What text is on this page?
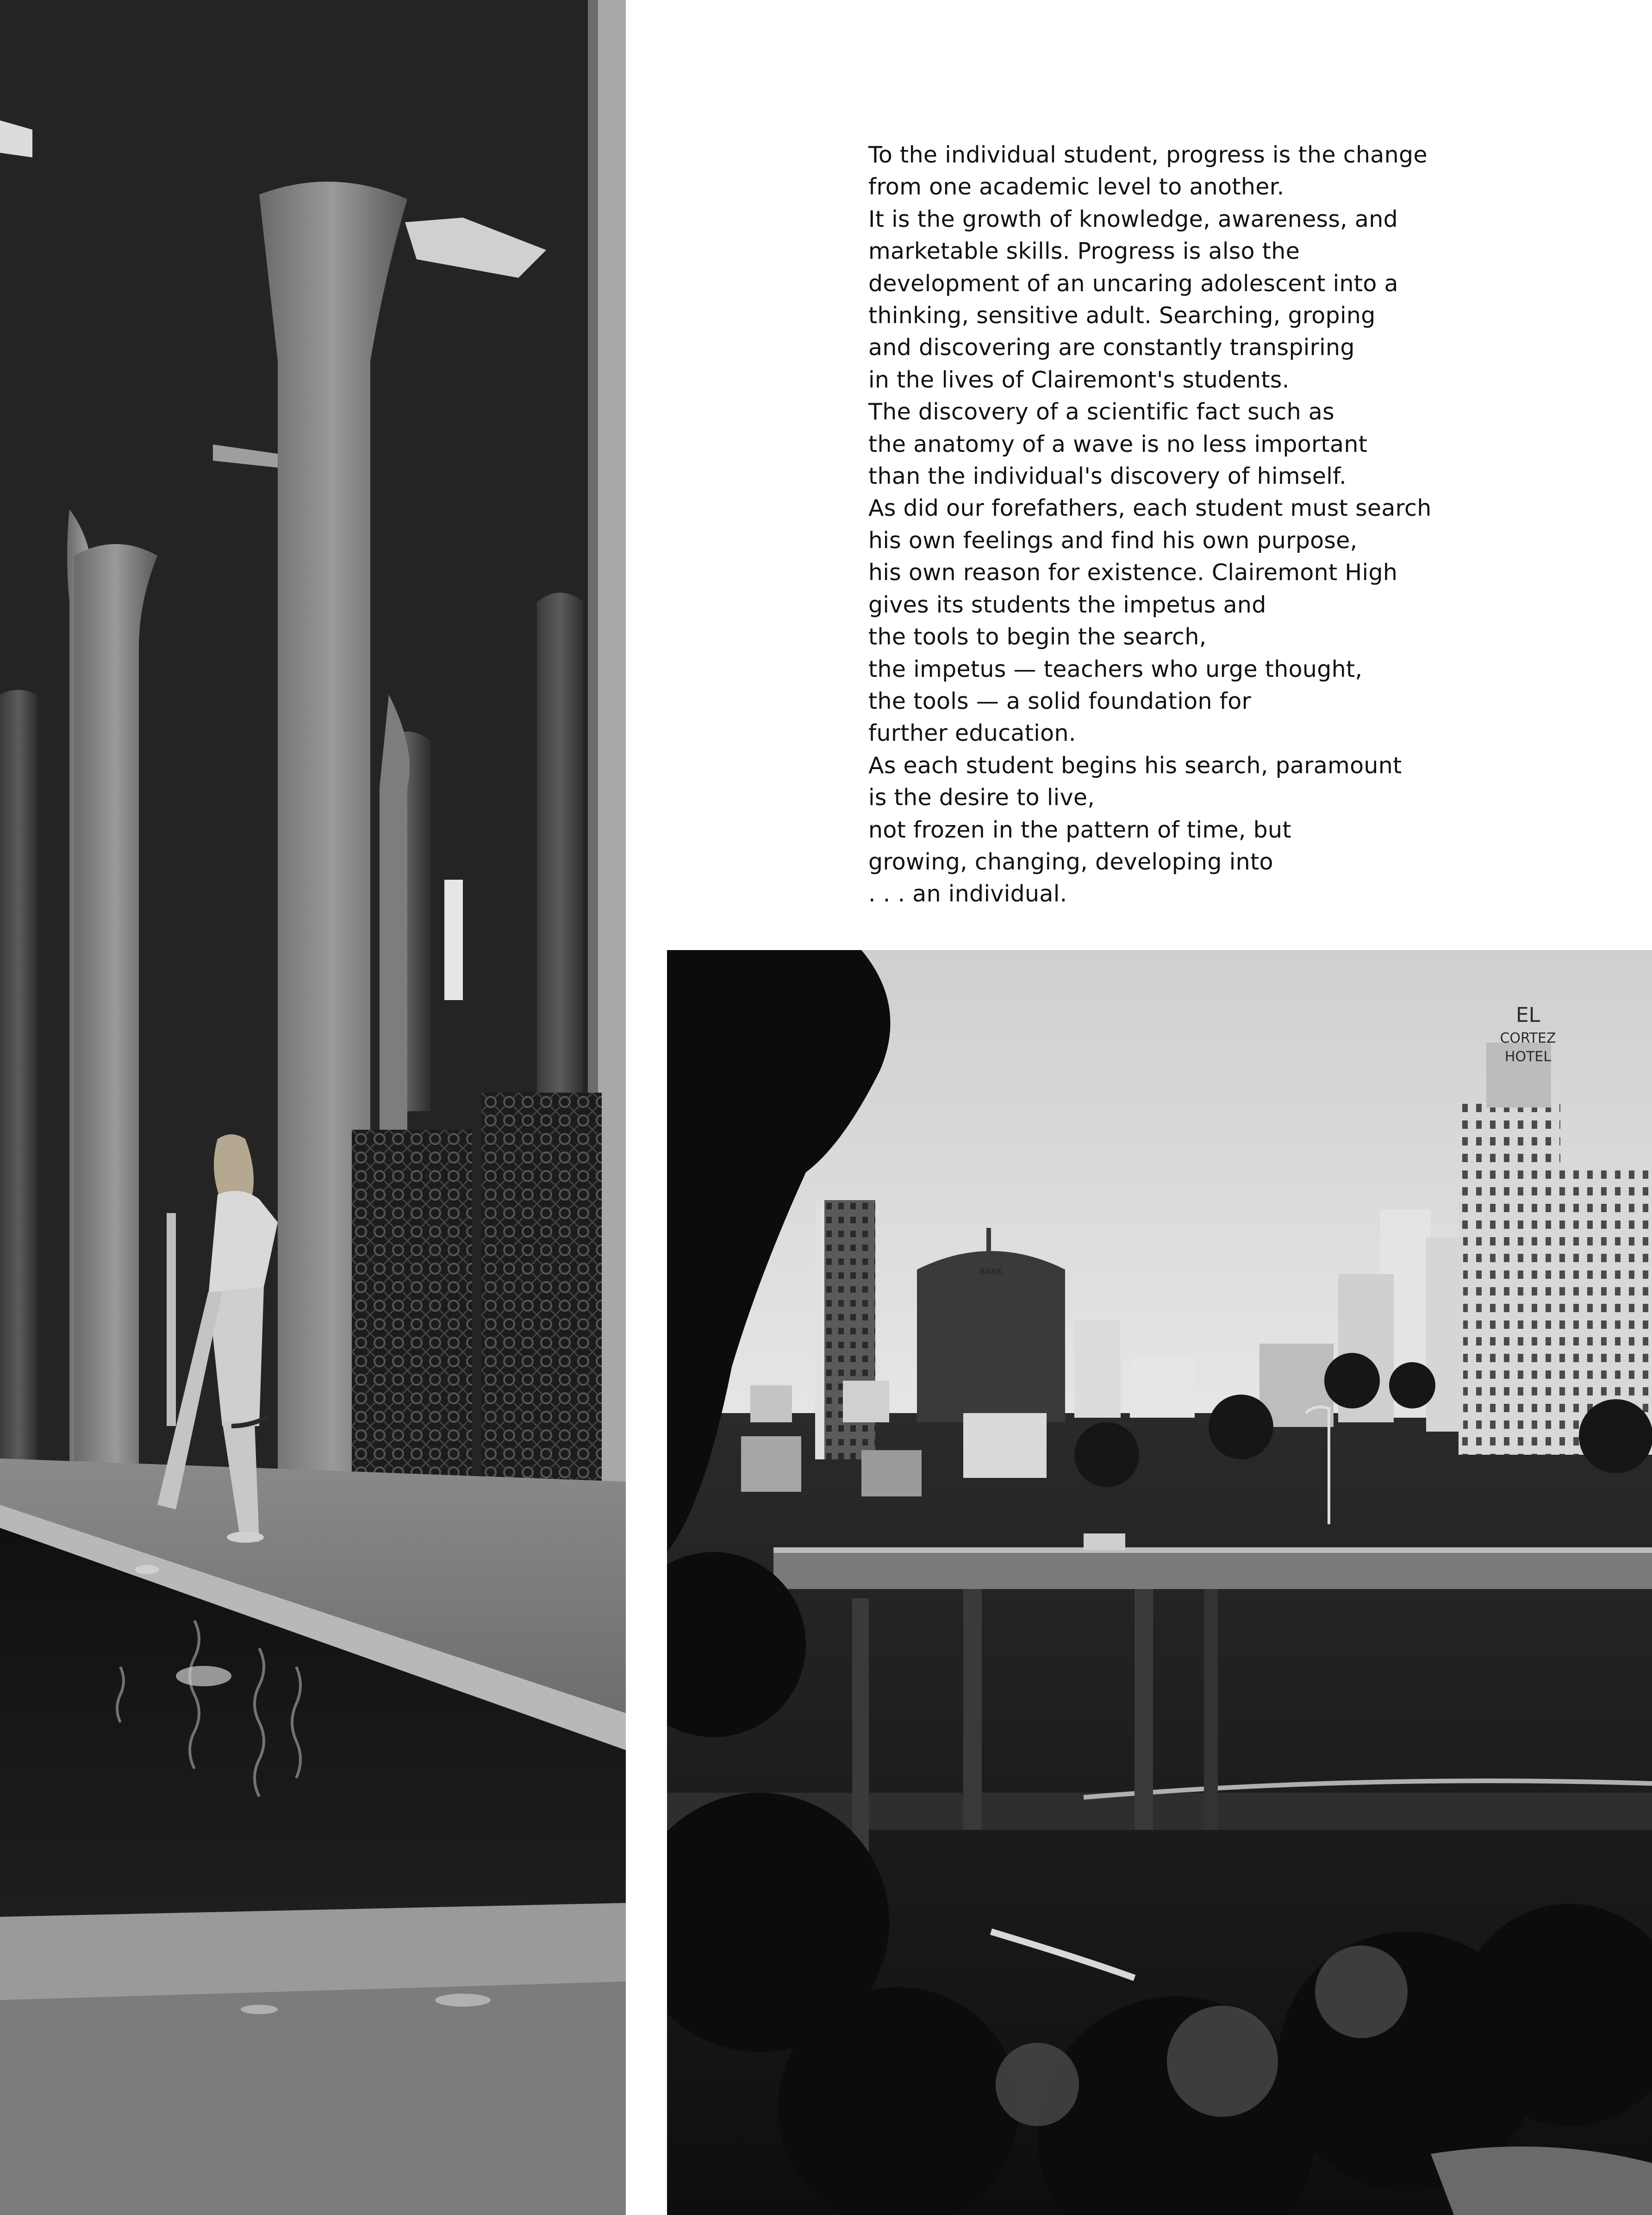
To the individual student, progress is the change
from one academic level to another.
It is the growth of knowledge, awareness, and
marketable skills. Progress is also the
development of an uncaring adolescent into a
thinking, sensitive adult. Searching, groping
and discovering are constantly transpiring
in the lives of Clairemont's students.
The discovery of a scientific fact such as
the anatomy of a wave is no less important
than the individual's discovery of himself.
As did our forefathers, each student must search
his own feelings and find his own purpose,
his own reason for existence. Clairemont High
gives its students the impetus and
the tools to begin the search,
the impetus — teachers who urge thought,
the tools — a solid foundation for
further education.
As each student begins his search, paramount
is the desire to live,
not frozen in the pattern of time, but
growing, changing, developing into
. . . an individual.
BANK
EL
CORTEZ
HOTEL
